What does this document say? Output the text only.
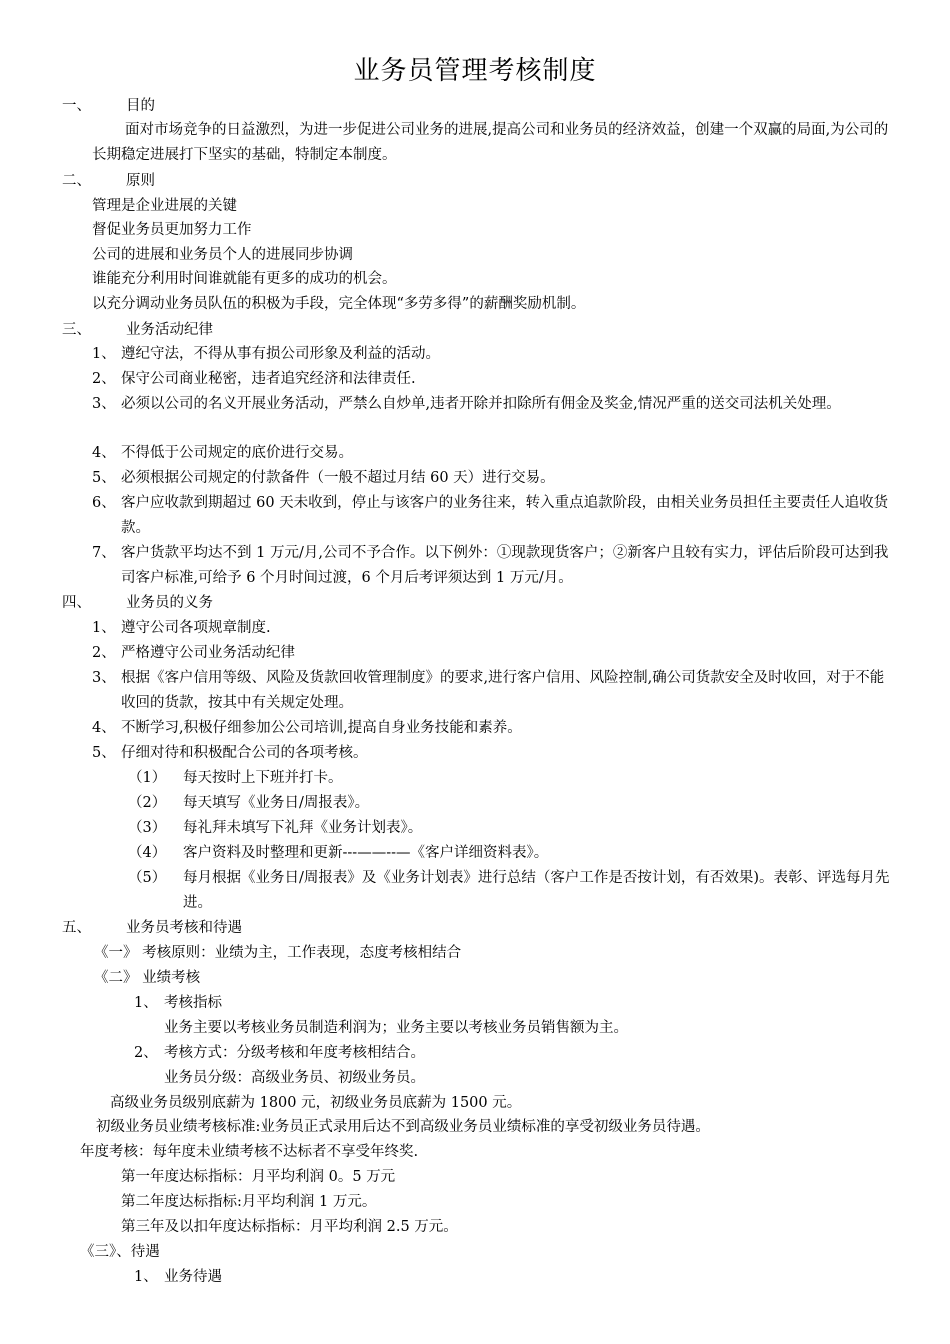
业务员管理考核制度
一、 目的
面对市场竞争的日益激烈，为进一步促进公司业务的进展,提高公司和业务员的经济效益，创建一个双赢的局面,为公司的长期稳定进展打下坚实的基础，特制定本制度。
二、 原则
管理是企业进展的关键
督促业务员更加努力工作
公司的进展和业务员个人的进展同步协调
谁能充分利用时间谁就能有更多的成功的机会。
以充分调动业务员队伍的积极为手段，完全体现“多劳多得”的薪酬奖励机制。
三、 业务活动纪律
1、 遵纪守法，不得从事有损公司形象及利益的活动。
2、 保守公司商业秘密，违者追究经济和法律责任.
3、 必须以公司的名义开展业务活动，严禁么自炒单,违者开除并扣除所有佣金及奖金,情况严重的送交司法机关处理。
4、 不得低于公司规定的底价进行交易。
5、 必须根据公司规定的付款备件（一般不超过月结 60 天）进行交易。
6、 客户应收款到期超过 60 天未收到，停止与该客户的业务往来，转入重点追款阶段，由相关业务员担任主要责任人追收货款。
7、 客户货款平均达不到 1 万元/月,公司不予合作。以下例外：①现款现货客户；②新客户且较有实力，评估后阶段可达到我司客户标准,可给予 6 个月时间过渡，6 个月后考评须达到 1 万元/月。
四、 业务员的义务
1、 遵守公司各项规章制度.
2、 严格遵守公司业务活动纪律
3、 根据《客户信用等级、风险及货款回收管理制度》的要求,进行客户信用、风险控制,确公司货款安全及时收回，对于不能收回的货款，按其中有关规定处理。
4、 不断学习,积极仔细参加公公司培训,提高自身业务技能和素养。
5、 仔细对待和积极配合公司的各项考核。
（1） 每天按时上下班并打卡。
（2） 每天填写《业务日/周报表》。
（3） 每礼拜未填写下礼拜《业务计划表》。
（4） 客户资料及时整理和更新---——--—《客户详细资料表》。
（5） 每月根据《业务日/周报表》及《业务计划表》进行总结（客户工作是否按计划，有否效果)。表彰、评选每月先进。
五、 业务员考核和待遇
《一》 考核原则：业绩为主，工作表现，态度考核相结合
《二》 业绩考核
1、 考核指标
业务主要以考核业务员制造利润为；业务主要以考核业务员销售额为主。
2、 考核方式：分级考核和年度考核相结合。
业务员分级：高级业务员、初级业务员。
高级业务员级别底薪为 1800 元，初级业务员底薪为 1500 元。
初级业务员业绩考核标准:业务员正式录用后达不到高级业务员业绩标准的享受初级业务员待遇。
年度考核：每年度未业绩考核不达标者不享受年终奖.
第一年度达标指标：月平均利润 0。5 万元
第二年度达标指标:月平均利润 1 万元。
第三年及以扣年度达标指标：月平均利润 2.5 万元。
《三》、待遇
1、 业务待遇
